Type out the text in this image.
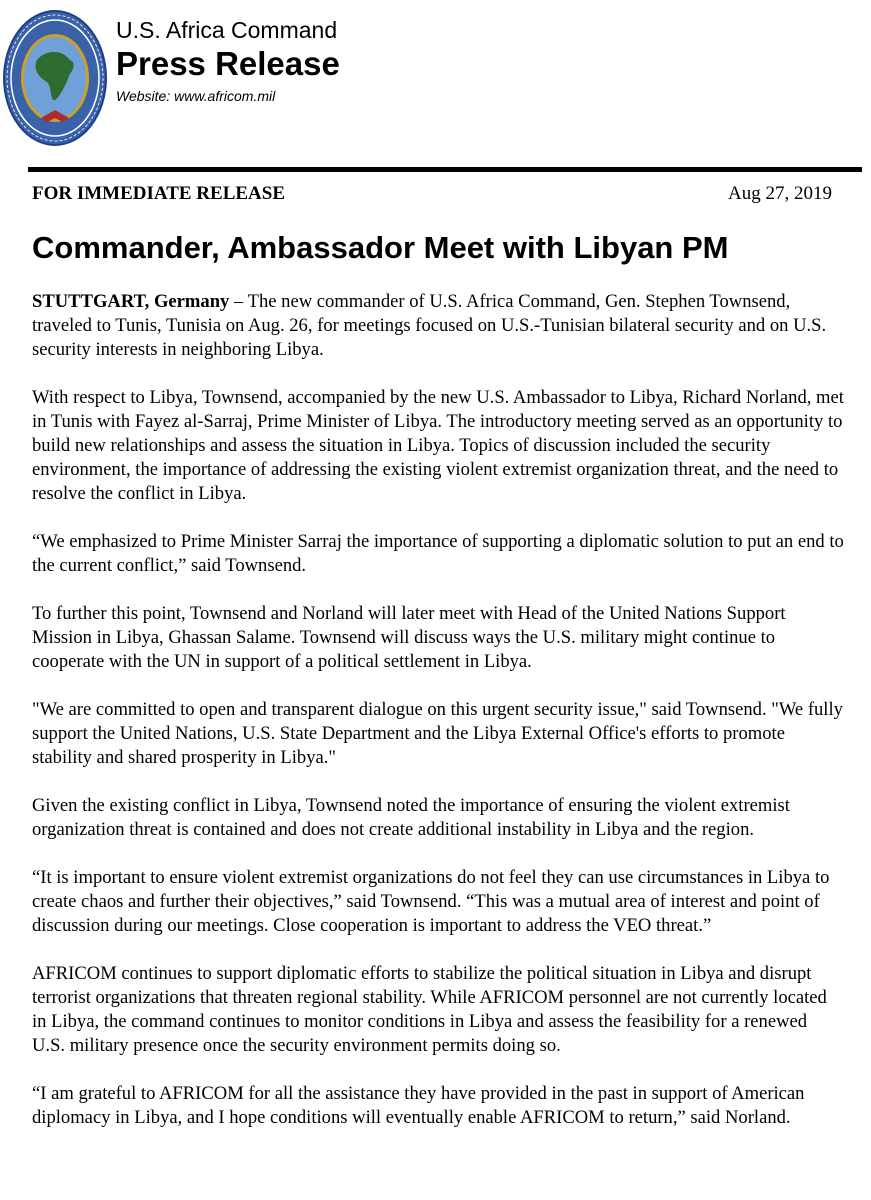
U.S. Africa Command
Press Release
Website: www.africom.mil
FOR IMMEDIATE RELEASE	Aug 27, 2019
Commander, Ambassador Meet with Libyan PM

STUTTGART, Germany – The new commander of U.S. Africa Command, Gen. Stephen Townsend, traveled to Tunis, Tunisia on Aug. 26, for meetings focused on U.S.-Tunisian bilateral security and on U.S. security interests in neighboring Libya.

With respect to Libya, Townsend, accompanied by the new U.S. Ambassador to Libya, Richard Norland, met in Tunis with Fayez al-Sarraj, Prime Minister of Libya. The introductory meeting served as an opportunity to build new relationships and assess the situation in Libya. Topics of discussion included the security environment, the importance of addressing the existing violent extremist organization threat, and the need to resolve the conflict in Libya.

“We emphasized to Prime Minister Sarraj the importance of supporting a diplomatic solution to put an end to the current conflict,” said Townsend.

To further this point, Townsend and Norland will later meet with Head of the United Nations Support Mission in Libya, Ghassan Salame. Townsend will discuss ways the U.S. military might continue to cooperate with the UN in support of a political settlement in Libya.

"We are committed to open and transparent dialogue on this urgent security issue," said Townsend. "We fully support the United Nations, U.S. State Department and the Libya External Office's efforts to promote stability and shared prosperity in Libya."

Given the existing conflict in Libya, Townsend noted the importance of ensuring the violent extremist organization threat is contained and does not create additional instability in Libya and the region.

“It is important to ensure violent extremist organizations do not feel they can use circumstances in Libya to create chaos and further their objectives,” said Townsend. “This was a mutual area of interest and point of discussion during our meetings. Close cooperation is important to address the VEO threat.”

AFRICOM continues to support diplomatic efforts to stabilize the political situation in Libya and disrupt terrorist organizations that threaten regional stability. While AFRICOM personnel are not currently located in Libya, the command continues to monitor conditions in Libya and assess the feasibility for a renewed U.S. military presence once the security environment permits doing so.

“I am grateful to AFRICOM for all the assistance they have provided in the past in support of American diplomacy in Libya, and I hope conditions will eventually enable AFRICOM to return,” said Norland.
